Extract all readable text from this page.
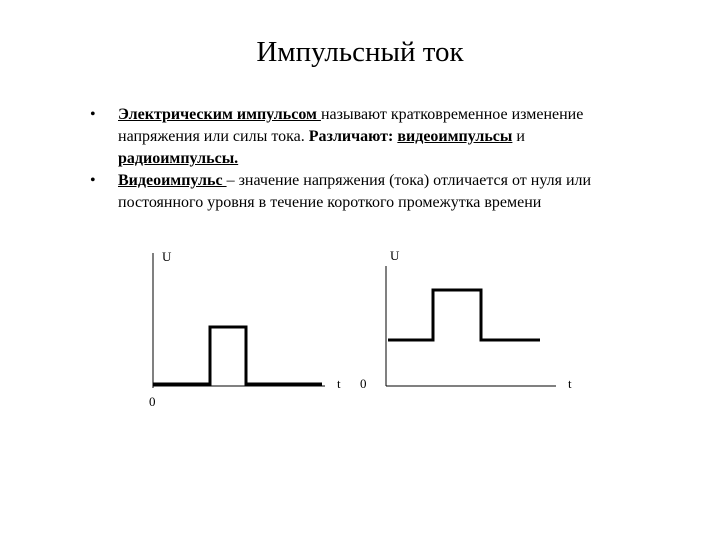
Импульсный ток
• Электрическим импульсом называют кратковременное изменение напряжения или силы тока. Различают: видеоимпульсы и радиоимпульсы.
• Видеоимпульс – значение напряжения (тока) отличается от нуля или постоянного уровня в течение короткого промежутка времени
U
t
0
U
t
0
